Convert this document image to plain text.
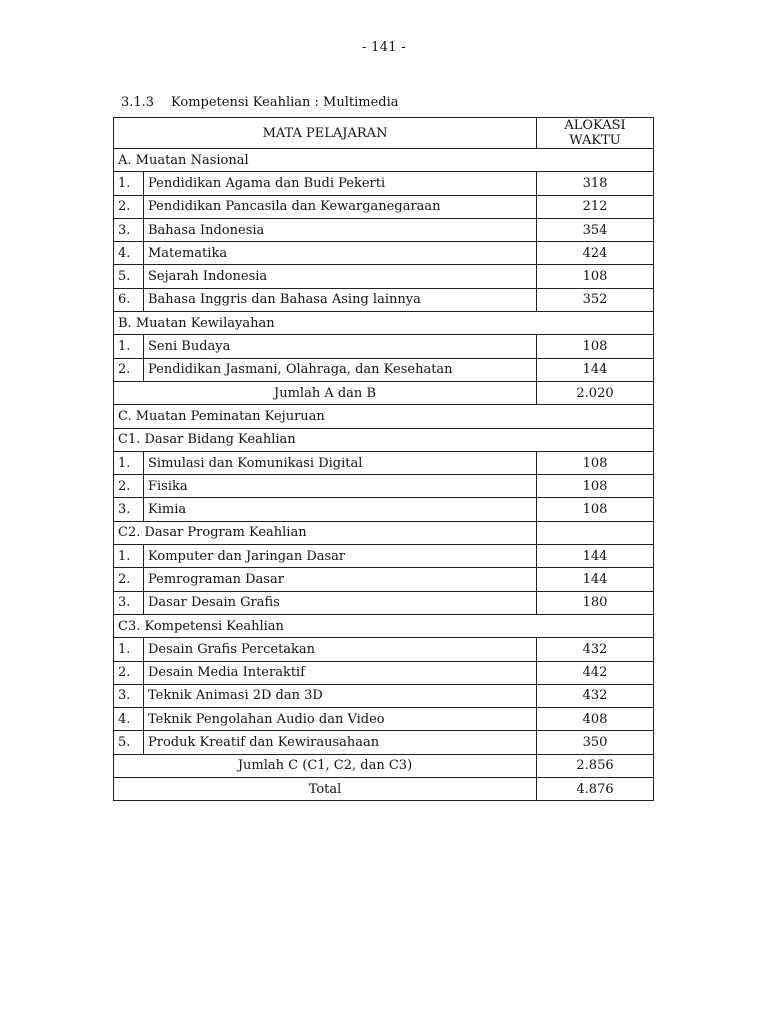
- 141 -
3.1.3 Kompetensi Keahlian : Multimedia
MATA PELAJARAN		ALOKASI
WAKTU
A. Muatan Nasional		
1.	Pendidikan Agama dan Budi Pekerti	318
2.	Pendidikan Pancasila dan Kewarganegaraan	212
3.	Bahasa Indonesia	354
4.	Matematika	424
5.	Sejarah Indonesia	108
6.	Bahasa Inggris dan Bahasa Asing lainnya	352
B. Muatan Kewilayahan		
1.	Seni Budaya	108
2.	Pendidikan Jasmani, Olahraga, dan Kesehatan	144
Jumlah A dan B		2.020
C. Muatan Peminatan Kejuruan		
C1. Dasar Bidang Keahlian		
1.	Simulasi dan Komunikasi Digital	108
2.	Fisika	108
3.	Kimia	108
C2. Dasar Program Keahlian		
1.	Komputer dan Jaringan Dasar	144
2.	Pemrograman Dasar	144
3.	Dasar Desain Grafis	180
C3. Kompetensi Keahlian		
1.	Desain Grafis Percetakan	432
2.	Desain Media Interaktif	442
3.	Teknik Animasi 2D dan 3D	432
4.	Teknik Pengolahan Audio dan Video	408
5.	Produk Kreatif dan Kewirausahaan	350
Jumlah C (C1, C2, dan C3)		2.856
Total		4.876
